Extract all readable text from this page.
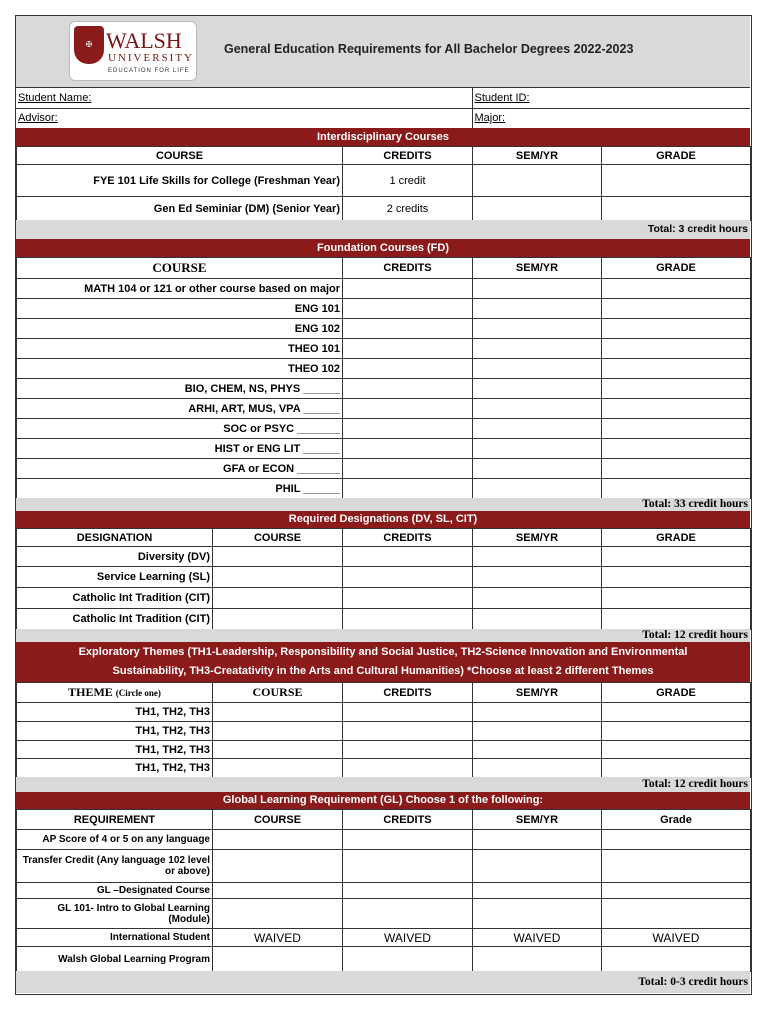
✠ WALSH
UNIVERSITY
EDUCATION FOR LIFE
General Education Requirements for All Bachelor Degrees 2022-2023
Student Name:	Student ID:
Advisor:	Major:
Interdisciplinary Courses
COURSE	CREDITS	SEM/YR	GRADE
FYE 101 Life Skills for College (Freshman Year)	1 credit		
Gen Ed Seminiar (DM) (Senior Year)	2 credits		
Total: 3 credit hours
Foundation Courses (FD)
COURSE	CREDITS	SEM/YR	GRADE
MATH 104 or 121 or other course based on major			
ENG 101			
ENG 102			
THEO 101			
THEO 102			
BIO, CHEM, NS, PHYS ______			
ARHI, ART, MUS, VPA ______			
SOC or PSYC _______			
HIST or ENG LIT ______			
GFA or ECON _______			
PHIL ______			
Total: 33 credit hours
Required Designations (DV, SL, CIT)
DESIGNATION	COURSE	CREDITS	SEM/YR	GRADE
Diversity (DV)				
Service Learning (SL)				
Catholic Int Tradition (CIT)				
Catholic Int Tradition (CIT)				
Total: 12 credit hours
Exploratory Themes (TH1-Leadership, Responsibility and Social Justice, TH2-Science Innovation and Environmental
Sustainability, TH3-Creatativity in the Arts and Cultural Humanities) *Choose at least 2 different Themes
THEME (Circle one)	COURSE	CREDITS	SEM/YR	GRADE
TH1, TH2, TH3				
TH1, TH2, TH3				
TH1, TH2, TH3				
TH1, TH2, TH3				
Total: 12 credit hours
Global Learning Requirement (GL) Choose 1 of the following:
REQUIREMENT	COURSE	CREDITS	SEM/YR	Grade
AP Score of 4 or 5 on any language				
Transfer Credit (Any language 102 level or above)				
GL –Designated Course				
GL 101- Intro to Global Learning (Module)				
International Student	WAIVED	WAIVED	WAIVED	WAIVED
Walsh Global Learning Program				
Total: 0-3 credit hours
